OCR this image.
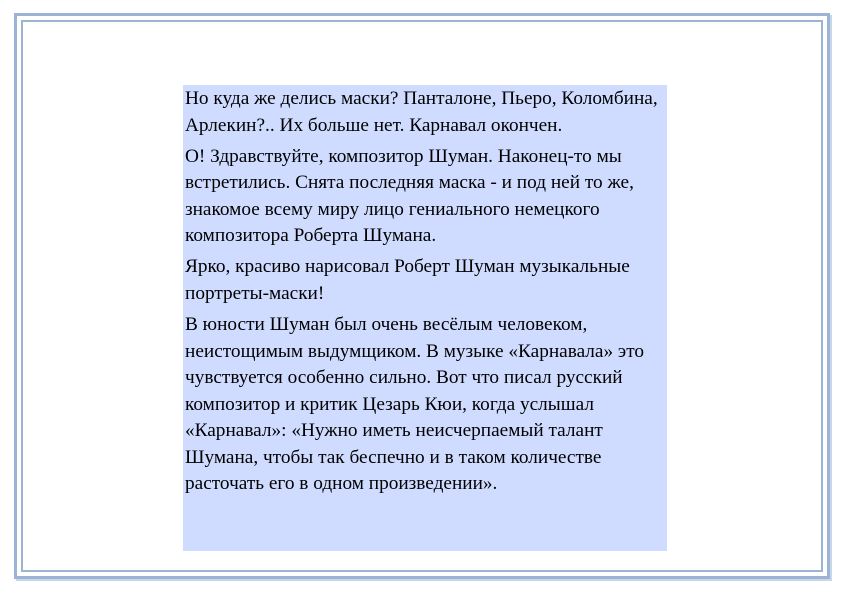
Но куда же делись маски? Панталоне, Пьеро, Коломбина, Арлекин?.. Их больше нет. Карнавал окончен.

О! Здравствуйте, композитор Шуман. Наконец-то мы встретились. Снята последняя маска - и под ней то же, знакомое всему миру лицо гениального немецкого композитора Роберта Шумана.

Ярко, красиво нарисовал Роберт Шуман музыкальные портреты-маски!

В юности Шуман был очень весёлым человеком, неистощимым выдумщиком. В музыке «Карнавала» это чувствуется особенно сильно. Вот что писал русский композитор и критик Цезарь Кюи, когда услышал «Карнавал»: «Нужно иметь неисчерпаемый талант Шумана, чтобы так беспечно и в таком количестве расточать его в одном произведении».
